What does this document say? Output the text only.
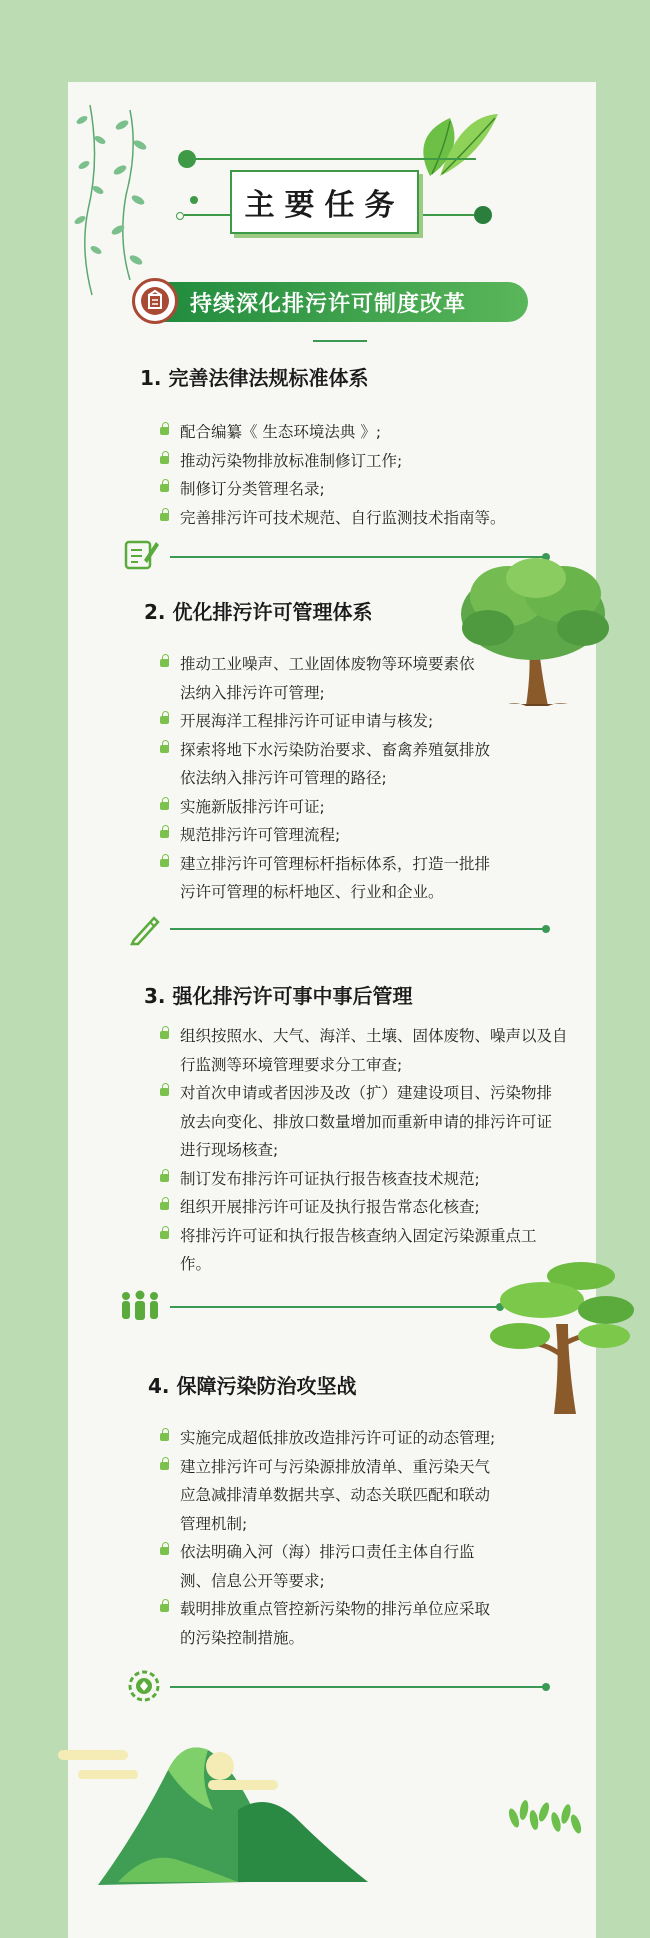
主要任务
持续深化排污许可制度改革
1. 完善法律法规标准体系
配合编纂《 生态环境法典 》;
推动污染物排放标准制修订工作;
制修订分类管理名录;
完善排污许可技术规范、自行监测技术指南等。
2. 优化排污许可管理体系
推动工业噪声、工业固体废物等环境要素依法纳入排污许可管理;
开展海洋工程排污许可证申请与核发;
探索将地下水污染防治要求、畜禽养殖氨排放依法纳入排污许可管理的路径;
实施新版排污许可证;
规范排污许可管理流程;
建立排污许可管理标杆指标体系，打造一批排污许可管理的标杆地区、行业和企业。
3. 强化排污许可事中事后管理
组织按照水、大气、海洋、土壤、固体废物、噪声以及自行监测等环境管理要求分工审查;
对首次申请或者因涉及改（扩）建建设项目、污染物排放去向变化、排放口数量增加而重新申请的排污许可证进行现场核查;
制订发布排污许可证执行报告核查技术规范;
组织开展排污许可证及执行报告常态化核查;
将排污许可证和执行报告核查纳入固定污染源重点工作。
4. 保障污染防治攻坚战
实施完成超低排放改造排污许可证的动态管理;
建立排污许可与污染源排放清单、重污染天气应急减排清单数据共享、动态关联匹配和联动管理机制;
依法明确入河（海）排污口责任主体自行监测、信息公开等要求;
载明排放重点管控新污染物的排污单位应采取的污染控制措施。
